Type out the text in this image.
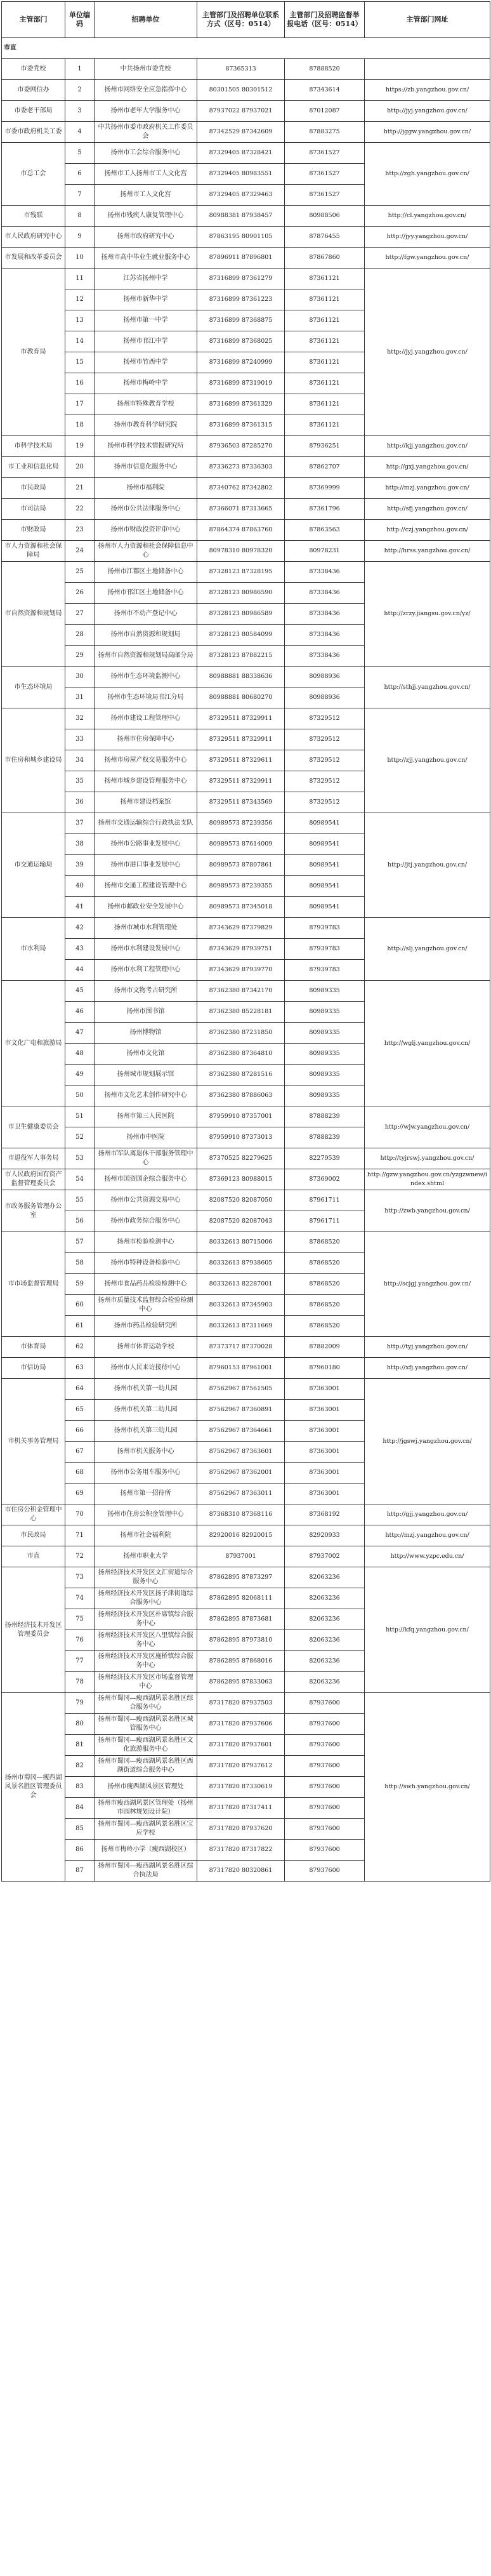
主管部门	单位编码	招聘单位	主管部门及招聘单位联系方式（区号：0514）	主管部门及招聘监督举报电话（区号：0514）	主管部门网址
市直					
市委党校	1	中共扬州市委党校	87365313	87888520	
市委网信办	2	扬州市网络安全应急指挥中心	80301505 80301512	87343614	https://zb.yangzhou.gov.cn/
市委老干部局	3	扬州市老年大学服务中心	87937022 87937021	87012087	http://jyj.yangzhou.gov.cn/
市委市政府机关工委	4	中共扬州市委市政府机关工作委员会	87342529 87342609	87883275	http://jggw.yangzhou.gov.cn/
市总工会	5	扬州市工会综合服务中心	87329405 87328421	87361527	http://zgh.yangzhou.gov.cn/
	6	扬州市工人扬州市工人文化宫	87329405 80983551	87361527	
	7	扬州市工人文化宫	87329405 87329463	87361527	
市残联	8	扬州市残疾人康复管理中心	80988381 87938457	80988506	http://cl.yangzhou.gov.cn/
市人民政府研究中心	9	扬州市政府研究中心	87863195 80901105	87876455	http://jyy.yangzhou.gov.cn/
市发展和改革委员会	10	扬州市高中毕业生就业服务中心	87896911 87896801	87867860	http://fgw.yangzhou.gov.cn/
市教育局	11	江苏省扬州中学	87316899 87361279	87361121	http://jyj.yangzhou.gov.cn/
	12	扬州市新华中学	87316899 87361223	87361121	
	13	扬州市第一中学	87316899 87368875	87361121	
	14	扬州市邗江中学	87316899 87368025	87361121	
	15	扬州市竹西中学	87316899 87240999	87361121	
	16	扬州市梅岭中学	87316899 87319019	87361121	
	17	扬州市特殊教育学校	87316899 87361329	87361121	
	18	扬州市教育科学研究院	87316899 87361315	87361121	
市科学技术局	19	扬州市科学技术情报研究所	87936503 87285270	87936251	http://kjj.yangzhou.gov.cn/
市工业和信息化局	20	扬州市信息化服务中心	87336273 87336303	87862707	http://gxj.yangzhou.gov.cn/
市民政局	21	扬州市福利院	87340762 87342802	87369999	http://mzj.yangzhou.gov.cn/
市司法局	22	扬州市公共法律服务中心	87366071 87313665	87361796	http://sfj.yangzhou.gov.cn/
市财政局	23	扬州市财政投资评审中心	87864374 87863760	87863563	http://czj.yangzhou.gov.cn/
市人力资源和社会保障局	24	扬州市人力资源和社会保障信息中心	80978310 80978320	80978231	http://hrss.yangzhou.gov.cn/
市自然资源和规划局	25	扬州市江都区土地储备中心	87328123 87328195	87338436	http://zrzy.jiangsu.gov.cn/yz/
	26	扬州市邗江区土地储备中心	87328123 80986590	87338436	
	27	扬州市不动产登记中心	87328123 80986589	87338436	
	28	扬州市自然资源和规划局	87328123 80584099	87338436	
	29	扬州市自然资源和规划局高邮分局	87328123 87882215	87338436	
市生态环境局	30	扬州市生态环境监测中心	80988881 88338636	80988936	http://sthjj.yangzhou.gov.cn/
	31	扬州市生态环境局邗江分局	80988881 80680270	80988936	
市住房和城乡建设局	32	扬州市建设工程管理中心	87329511 87329911	87329512	http://zjj.yangzhou.gov.cn/
	33	扬州市住房保障中心	87329511 87329911	87329512	
	34	扬州市房屋产权交易服务中心	87329511 87329611	87329512	
	35	扬州市城乡建设管理服务中心	87329511 87329911	87329512	
	36	扬州市建设档案馆	87329511 87343569	87329512	
市交通运输局	37	扬州市交通运输综合行政执法支队	80989573 87239356	80989541	http://jtj.yangzhou.gov.cn/
	38	扬州市公路事业发展中心	80989573 87614009	80989541	
	39	扬州市港口事业发展中心	80989573 87807861	80989541	
	40	扬州市交通工程建设管理中心	80989573 87239355	80989541	
	41	扬州市邮政业安全发展中心	80989573 87345018	80989541	
市水利局	42	扬州市城市水利管理处	87343629 87379829	87939783	http://slj.yangzhou.gov.cn/
	43	扬州市水利建设发展中心	87343629 87939751	87939783	
	44	扬州市水利工程管理中心	87343629 87939770	87939783	
市文化广电和旅游局	45	扬州市文物考古研究所	87362380 87342170	80989335	http://wglj.yangzhou.gov.cn/
	46	扬州市图书馆	87362380 85228181	80989335	
	47	扬州博物馆	87362380 87231850	80989335	
	48	扬州市文化馆	87362380 87364810	80989335	
	49	扬州城市规划展示馆	87362380 87281516	80989335	
	50	扬州市文化艺术创作研究中心	87362380 87886063	80989335	
市卫生健康委员会	51	扬州市第三人民医院	87959910 87357001	87888239	http://wjw.yangzhou.gov.cn/
	52	扬州市中医院	87959910 87373013	87888239	
市退役军人事务局	53	扬州市军队离退休干部服务管理中心	87370525 82279625	82279539	http://tyjrswj.yangzhou.gov.cn/
市人民政府国有资产监督管理委员会	54	扬州市国资国企综合服务中心	87369123 80988015	87369002	http://gzw.yangzhou.gov.cn/yzgzwnew/index.shtml
市政务服务管理办公室	55	扬州市公共资源交易中心	82087520 82087050	87961711	http://zwb.yangzhou.gov.cn/
	56	扬州市政务综合服务中心	82087520 82087043	87961711	
市市场监督管理局	57	扬州市检验检测中心	80332613 80715006	87868520	http://scjgj.yangzhou.gov.cn/
	58	扬州市特种设备检验中心	80332613 87938605	87868520	
	59	扬州市食品药品检验检测中心	80332613 82287001	87868520	
	60	扬州市质量技术监督综合检验检测中心	80332613 87345903	87868520	
	61	扬州市药品检验研究所	80332613 87311669	87868520	
市体育局	62	扬州市体育运动学校	87373717 87370028	87882009	http://tyj.yangzhou.gov.cn/
市信访局	63	扬州市人民来访接待中心	87960153 87961001	87960180	http://xfj.yangzhou.gov.cn/
市机关事务管理局	64	扬州市机关第一幼儿园	87562967 87561505	87363001	http://jgswj.yangzhou.gov.cn/
	65	扬州市机关第二幼儿园	87562967 87360891	87363001	
	66	扬州市机关第三幼儿园	87562967 87364661	87363001	
	67	扬州市机关服务中心	87562967 87363601	87363001	
	68	扬州市公务用车服务中心	87562967 87362001	87363001	
	69	扬州市第一招待所	87562967 87363011	87363001	
市住房公积金管理中心	70	扬州市住房公积金管理中心	87368310 87368116	87368192	http://gjj.yangzhou.gov.cn/
市民政局	71	扬州市社会福利院	82920016 82920015	82920933	http://mzj.yangzhou.gov.cn/
市直	72	扬州市职业大学	87937001	87937002	http://www.yzpc.edu.cn/
扬州经济技术开发区管理委员会	73	扬州经济技术开发区文汇街道综合服务中心	87862895 87873297	82063236	http://kfq.yangzhou.gov.cn/
	74	扬州经济技术开发区扬子津街道综合服务中心	87862895 82068111	82063236	
	75	扬州经济技术开发区朴席镇综合服务中心	87862895 87873681	82063236	
	76	扬州经济技术开发区八里镇综合服务中心	87862895 87973810	82063236	
	77	扬州经济技术开发区施桥镇综合服务中心	87862895 87868016	82063236	
	78	扬州经济技术开发区市场监督管理中心	87862895 87833063	82063236	
扬州市蜀冈—瘦西湖风景名胜区管理委员会	79	扬州市蜀冈—瘦西湖风景名胜区综合服务中心	87317820 87937503	87937600	http://swh.yangzhou.gov.cn/
	80	扬州市蜀冈—瘦西湖风景名胜区城管服务中心	87317820 87937606	87937600	
	81	扬州市蜀冈—瘦西湖风景名胜区文化旅游服务中心	87317820 87937601	87937600	
	82	扬州市蜀冈—瘦西湖风景名胜区西湖街道综合服务中心	87317820 87937612	87937600	
	83	扬州市瘦西湖风景区管理处	87317820 87330619	87937600	
	84	扬州市瘦西湖风景区管理处（扬州市园林规划设计院）	87317820 87317411	87937600	
	85	扬州市蜀冈—瘦西湖风景名胜区宝应学校	87317820 87937620	87937600	
	86	扬州市梅岭小学（瘦西湖校区）	87317820 87317822	87937600	
	87	扬州市蜀冈—瘦西湖风景名胜区综合执法局	87317820 80320861	87937600	
